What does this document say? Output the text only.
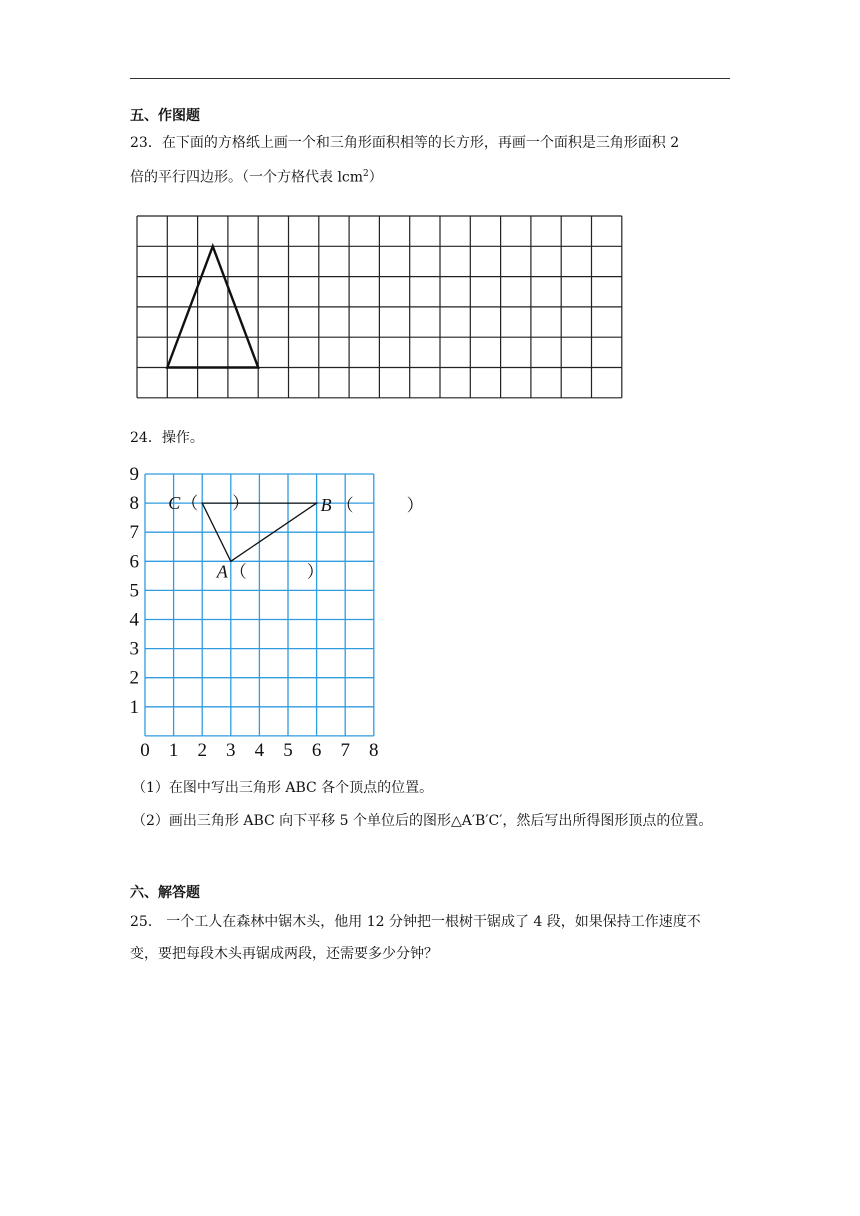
五、作图题
23．在下面的方格纸上画一个和三角形面积相等的长方形，再画一个面积是三角形面积 2
倍的平行四边形。（一个方格代表 lcm$^2$）
24．操作。
0 1 2 3 4 5 6 7 8
9
8
7
6
5
4
3
2
1
A （	）
B （	）
C （ ）
（1）在图中写出三角形 ABC 各个顶点的位置。
（2）画出三角形 ABC 向下平移 5 个单位后的图形△A′B′C′，然后写出所得图形顶点的位置。
六、解答题
25． 一个工人在森林中锯木头，他用 12 分钟把一根树干锯成了 4 段，如果保持工作速度不
变，要把每段木头再锯成两段，还需要多少分钟？
